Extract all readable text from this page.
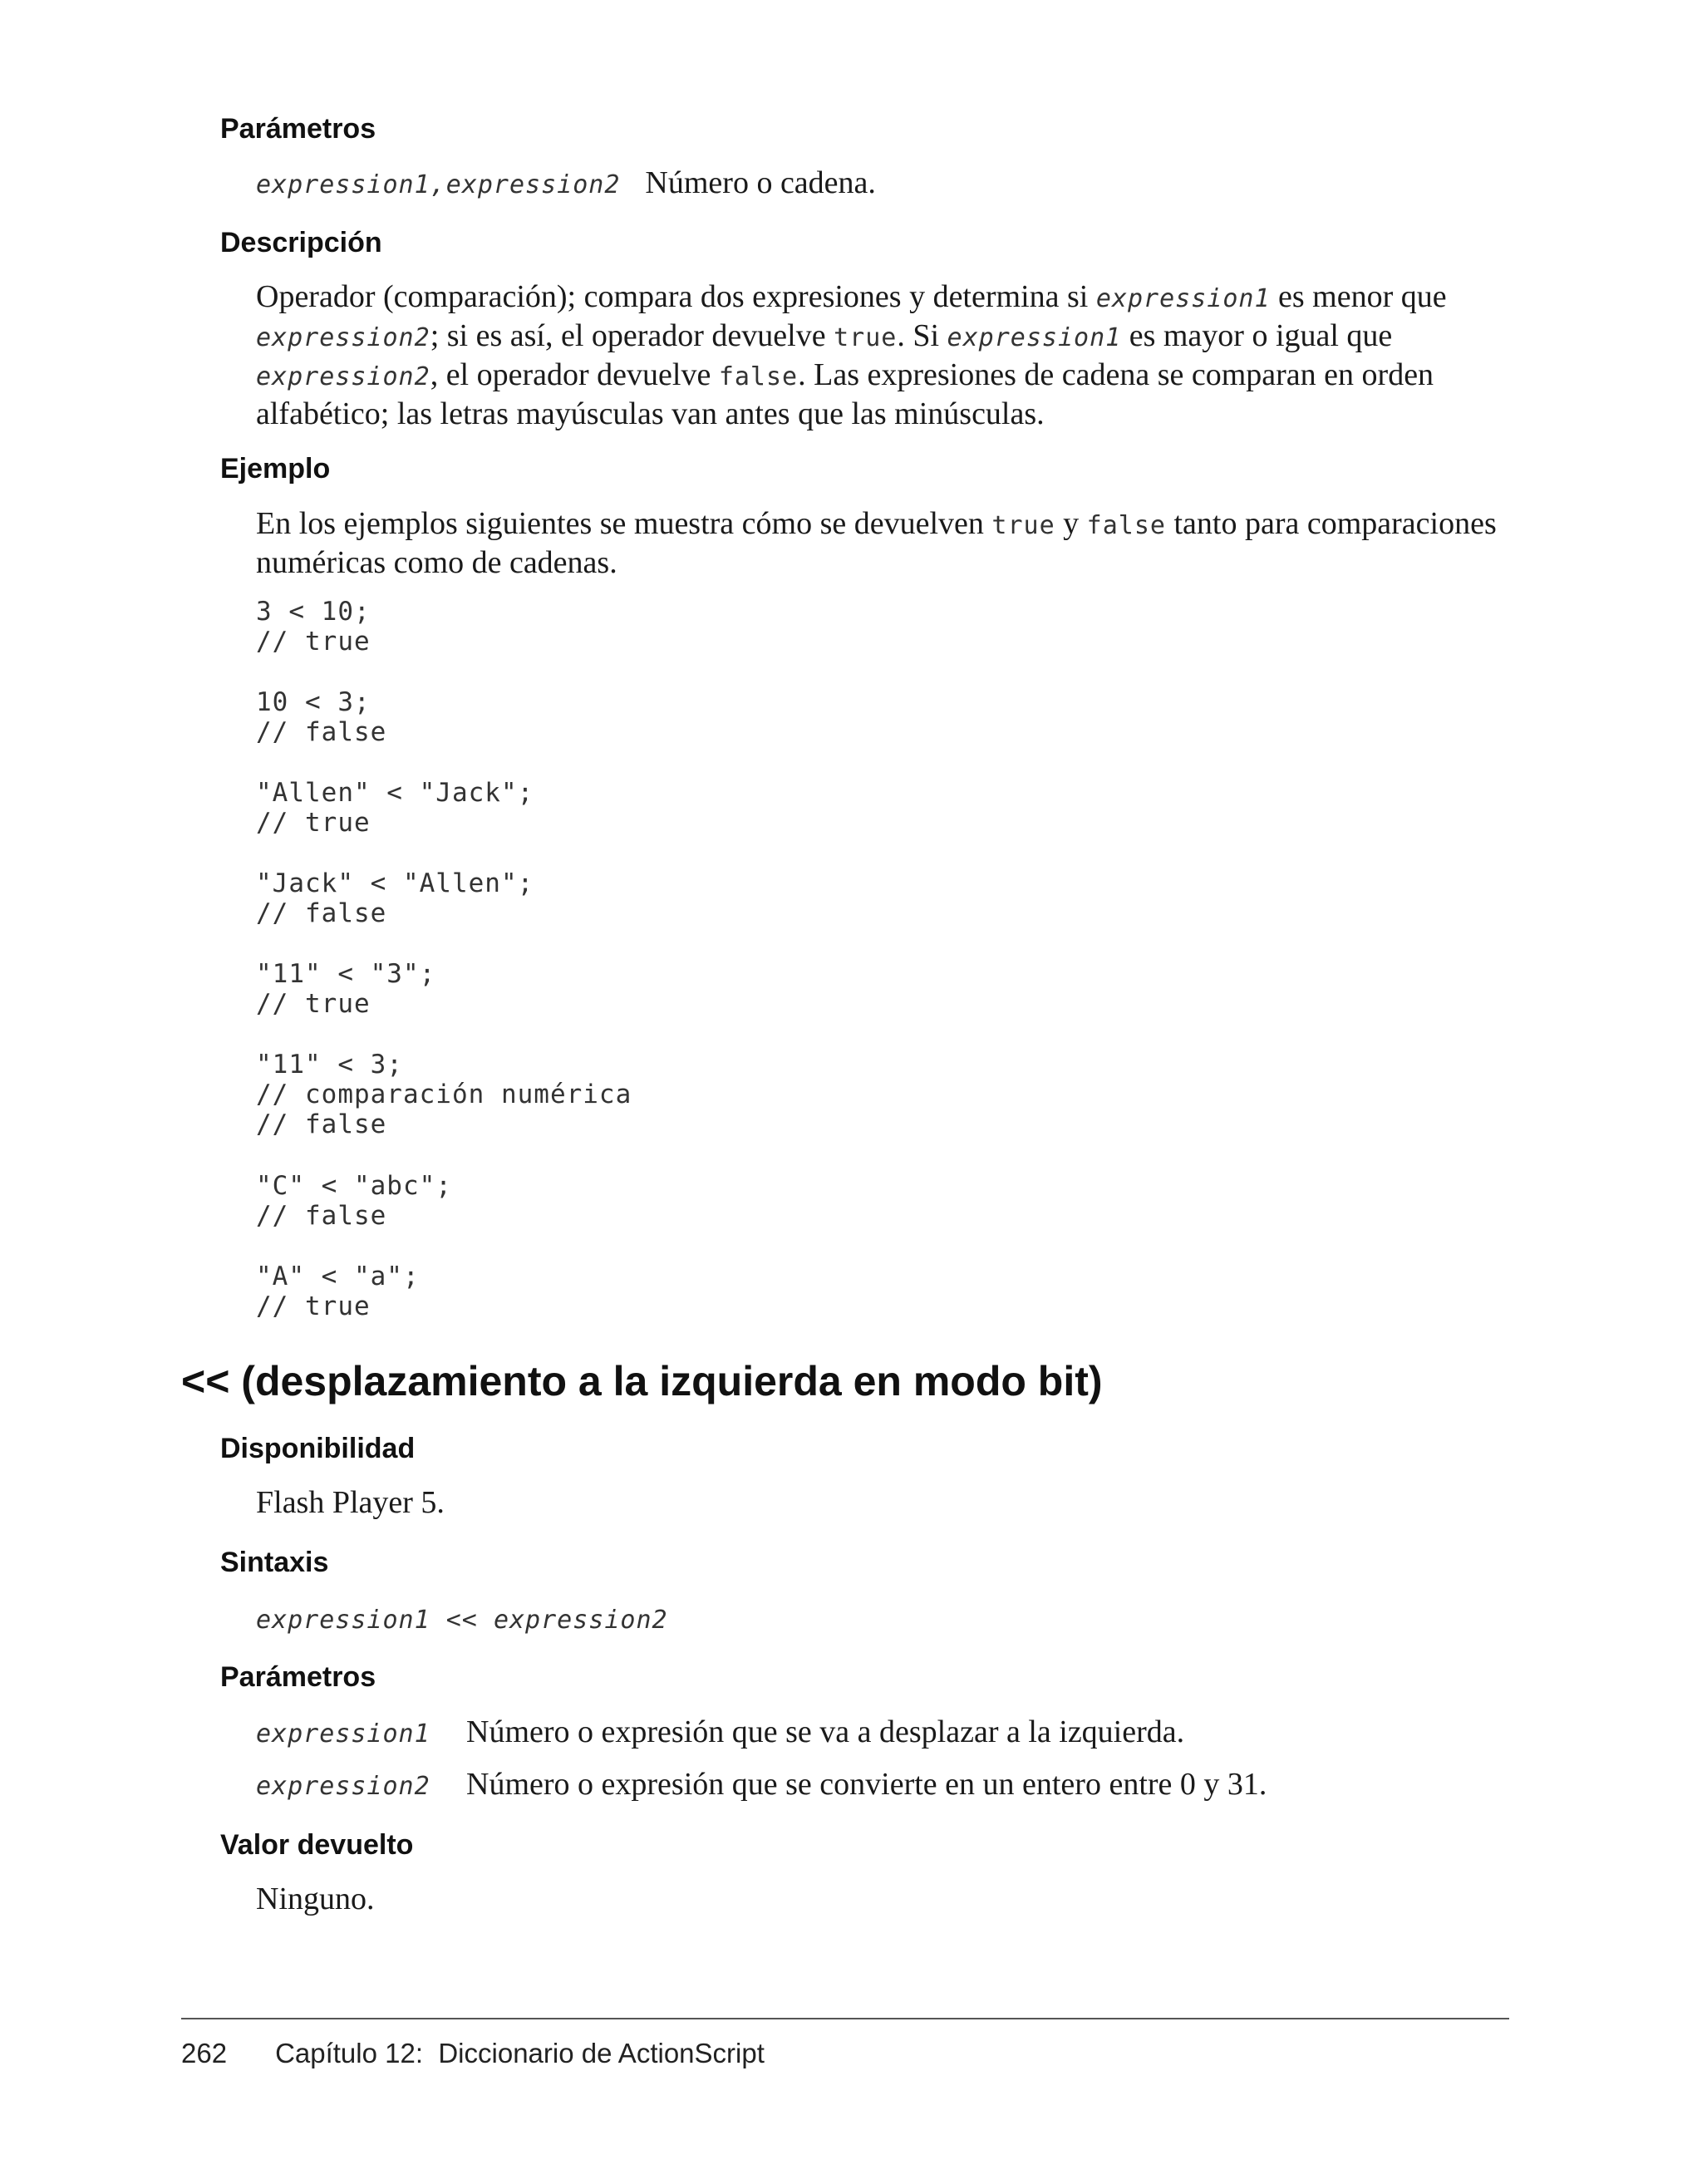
Parámetros
expression1,expression2 Número o cadena.
Descripción

Operador (comparación); compara dos expresiones y determina si expression1 es menor que expression2; si es así, el operador devuelve true. Si expression1 es mayor o igual que expression2, el operador devuelve false. Las expresiones de cadena se comparan en orden alfabético; las letras mayúsculas van antes que las minúsculas.

Ejemplo

En los ejemplos siguientes se muestra cómo se devuelven true y false tanto para comparaciones numéricas como de cadenas.

3 < 10;
// true
10 < 3;
// false
"Allen" < "Jack";
// true
"Jack" < "Allen";
// false
"11" < "3";
// true
"11" < 3;
// comparación numérica
// false
"C" < "abc";
// false
"A" < "a";
// true
<< (desplazamiento a la izquierda en modo bit)
Disponibilidad

Flash Player 5.

Sintaxis

expression1 << expression2

Parámetros
expression1	Número o expresión que se va a desplazar a la izquierda.
expression2	Número o expresión que se convierte en un entero entre 0 y 31.
Valor devuelto

Ninguno.

262 Capítulo 12:  Diccionario de ActionScript
